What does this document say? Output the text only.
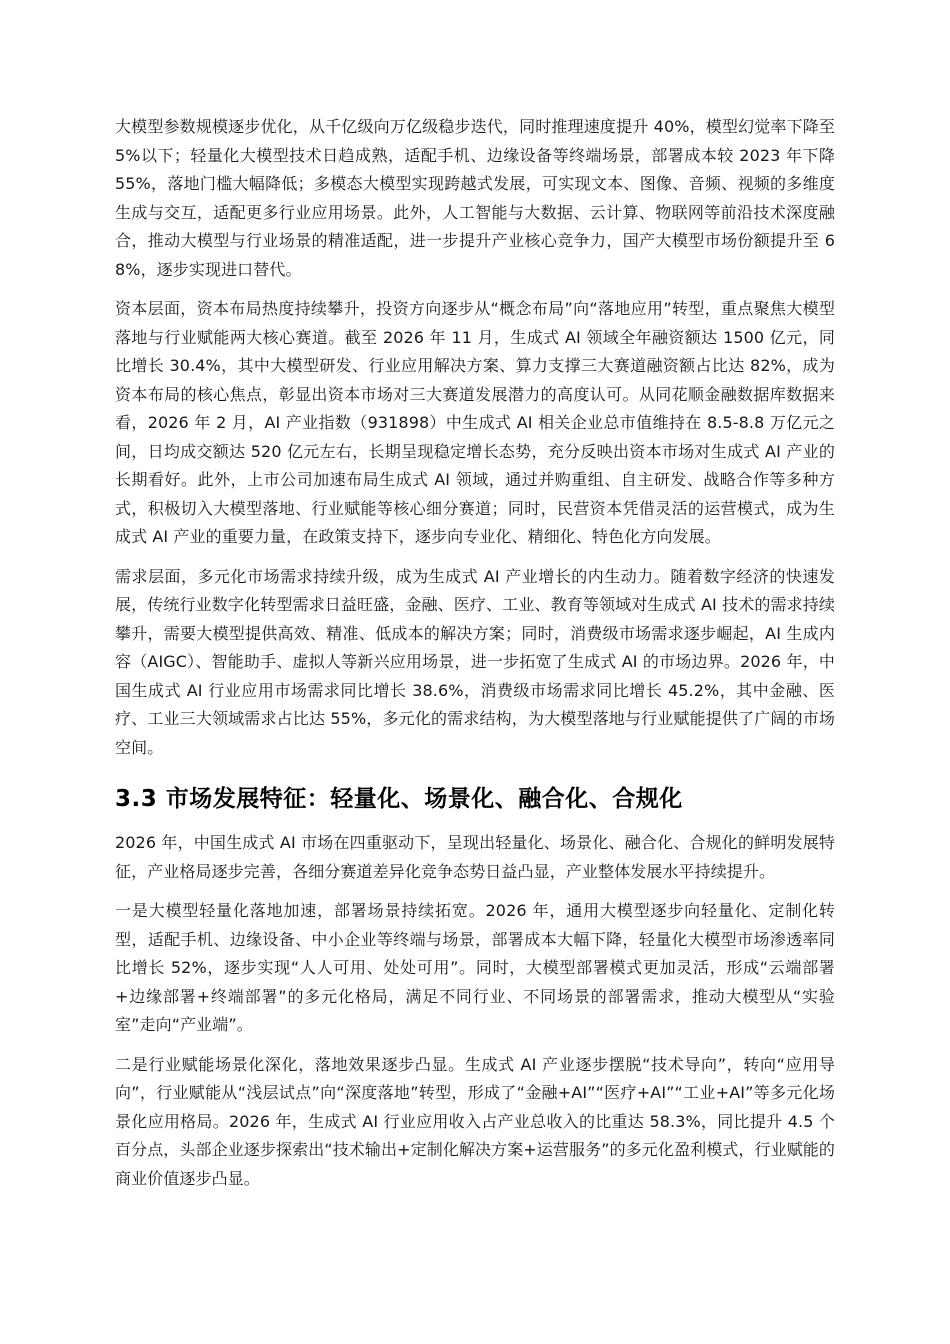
大模型参数规模逐步优化，从千亿级向万亿级稳步迭代，同时推理速度提升 40%，模型幻觉率下降至 5%以下；轻量化大模型技术日趋成熟，适配手机、边缘设备等终端场景，部署成本较 2023 年下降 55%，落地门槛大幅降低；多模态大模型实现跨越式发展，可实现文本、图像、音频、视频的多维度生成与交互，适配更多行业应用场景。此外，人工智能与大数据、云计算、物联网等前沿技术深度融合，推动大模型与行业场景的精准适配，进一步提升产业核心竞争力，国产大模型市场份额提升至 68%，逐步实现进口替代。

资本层面，资本布局热度持续攀升，投资方向逐步从“概念布局”向“落地应用”转型，重点聚焦大模型落地与行业赋能两大核心赛道。截至 2026 年 11 月，生成式 AI 领域全年融资额达 1500 亿元，同比增长 30.4%，其中大模型研发、行业应用解决方案、算力支撑三大赛道融资额占比达 82%，成为资本布局的核心焦点，彰显出资本市场对三大赛道发展潜力的高度认可。从同花顺金融数据库数据来看，2026 年 2 月，AI 产业指数（931898）中生成式 AI 相关企业总市值维持在 8.5-8.8 万亿元之间，日均成交额达 520 亿元左右，长期呈现稳定增长态势，充分反映出资本市场对生成式 AI 产业的长期看好。此外，上市公司加速布局生成式 AI 领域，通过并购重组、自主研发、战略合作等多种方式，积极切入大模型落地、行业赋能等核心细分赛道；同时，民营资本凭借灵活的运营模式，成为生成式 AI 产业的重要力量，在政策支持下，逐步向专业化、精细化、特色化方向发展。

需求层面，多元化市场需求持续升级，成为生成式 AI 产业增长的内生动力。随着数字经济的快速发展，传统行业数字化转型需求日益旺盛，金融、医疗、工业、教育等领域对生成式 AI 技术的需求持续攀升，需要大模型提供高效、精准、低成本的解决方案；同时，消费级市场需求逐步崛起，AI 生成内容（AIGC）、智能助手、虚拟人等新兴应用场景，进一步拓宽了生成式 AI 的市场边界。2026 年，中国生成式 AI 行业应用市场需求同比增长 38.6%，消费级市场需求同比增长 45.2%，其中金融、医疗、工业三大领域需求占比达 55%，多元化的需求结构，为大模型落地与行业赋能提供了广阔的市场空间。

3.3 市场发展特征：轻量化、场景化、融合化、合规化

2026 年，中国生成式 AI 市场在四重驱动下，呈现出轻量化、场景化、融合化、合规化的鲜明发展特征，产业格局逐步完善，各细分赛道差异化竞争态势日益凸显，产业整体发展水平持续提升。

一是大模型轻量化落地加速，部署场景持续拓宽。2026 年，通用大模型逐步向轻量化、定制化转型，适配手机、边缘设备、中小企业等终端与场景，部署成本大幅下降，轻量化大模型市场渗透率同比增长 52%，逐步实现“人人可用、处处可用”。同时，大模型部署模式更加灵活，形成“云端部署+边缘部署+终端部署”的多元化格局，满足不同行业、不同场景的部署需求，推动大模型从“实验室”走向“产业端”。

二是行业赋能场景化深化，落地效果逐步凸显。生成式 AI 产业逐步摆脱“技术导向”，转向“应用导向”，行业赋能从“浅层试点”向“深度落地”转型，形成了“金融+AI”“医疗+AI”“工业+AI”等多元化场景化应用格局。2026 年，生成式 AI 行业应用收入占产业总收入的比重达 58.3%，同比提升 4.5 个百分点，头部企业逐步探索出“技术输出+定制化解决方案+运营服务”的多元化盈利模式，行业赋能的商业价值逐步凸显。
